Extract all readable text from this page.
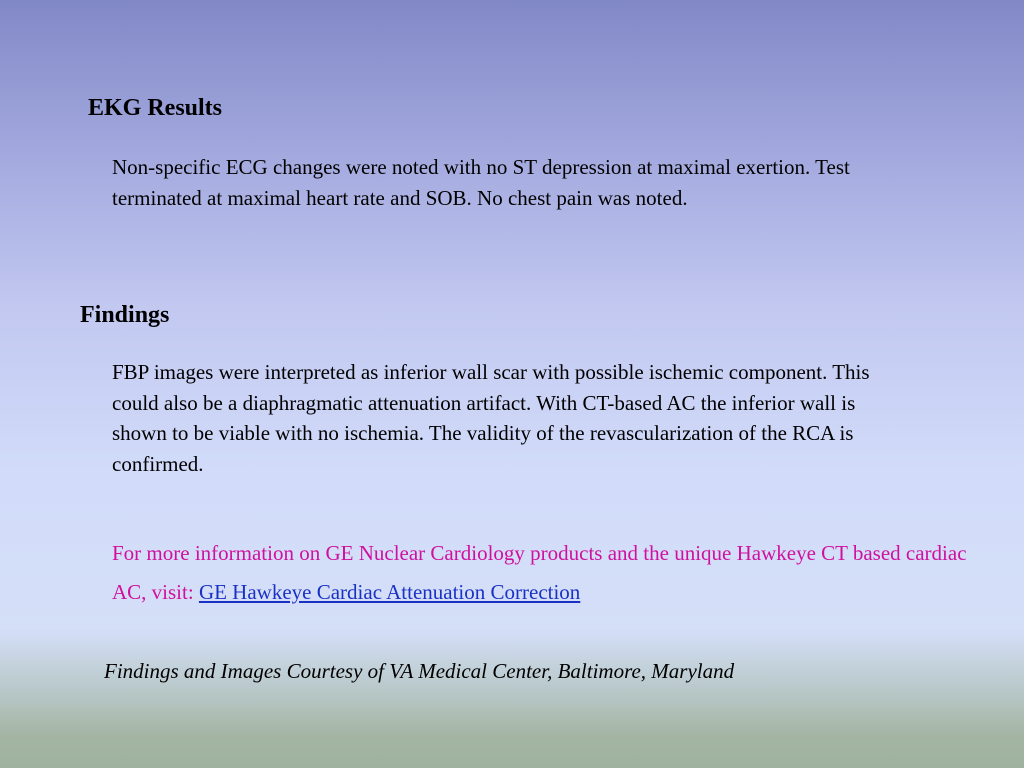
EKG Results

Non-specific ECG changes were noted with no ST depression at maximal exertion. Test terminated at maximal heart rate and SOB. No chest pain was noted.

Findings

FBP images were interpreted as inferior wall scar with possible ischemic component. This could also be a diaphragmatic attenuation artifact. With CT-based AC the inferior wall is shown to be viable with no ischemia. The validity of the revascularization of the RCA is confirmed.

For more information on GE Nuclear Cardiology products and the unique Hawkeye CT based cardiac AC, visit: GE Hawkeye Cardiac Attenuation Correction

Findings and Images Courtesy of VA Medical Center, Baltimore, Maryland
